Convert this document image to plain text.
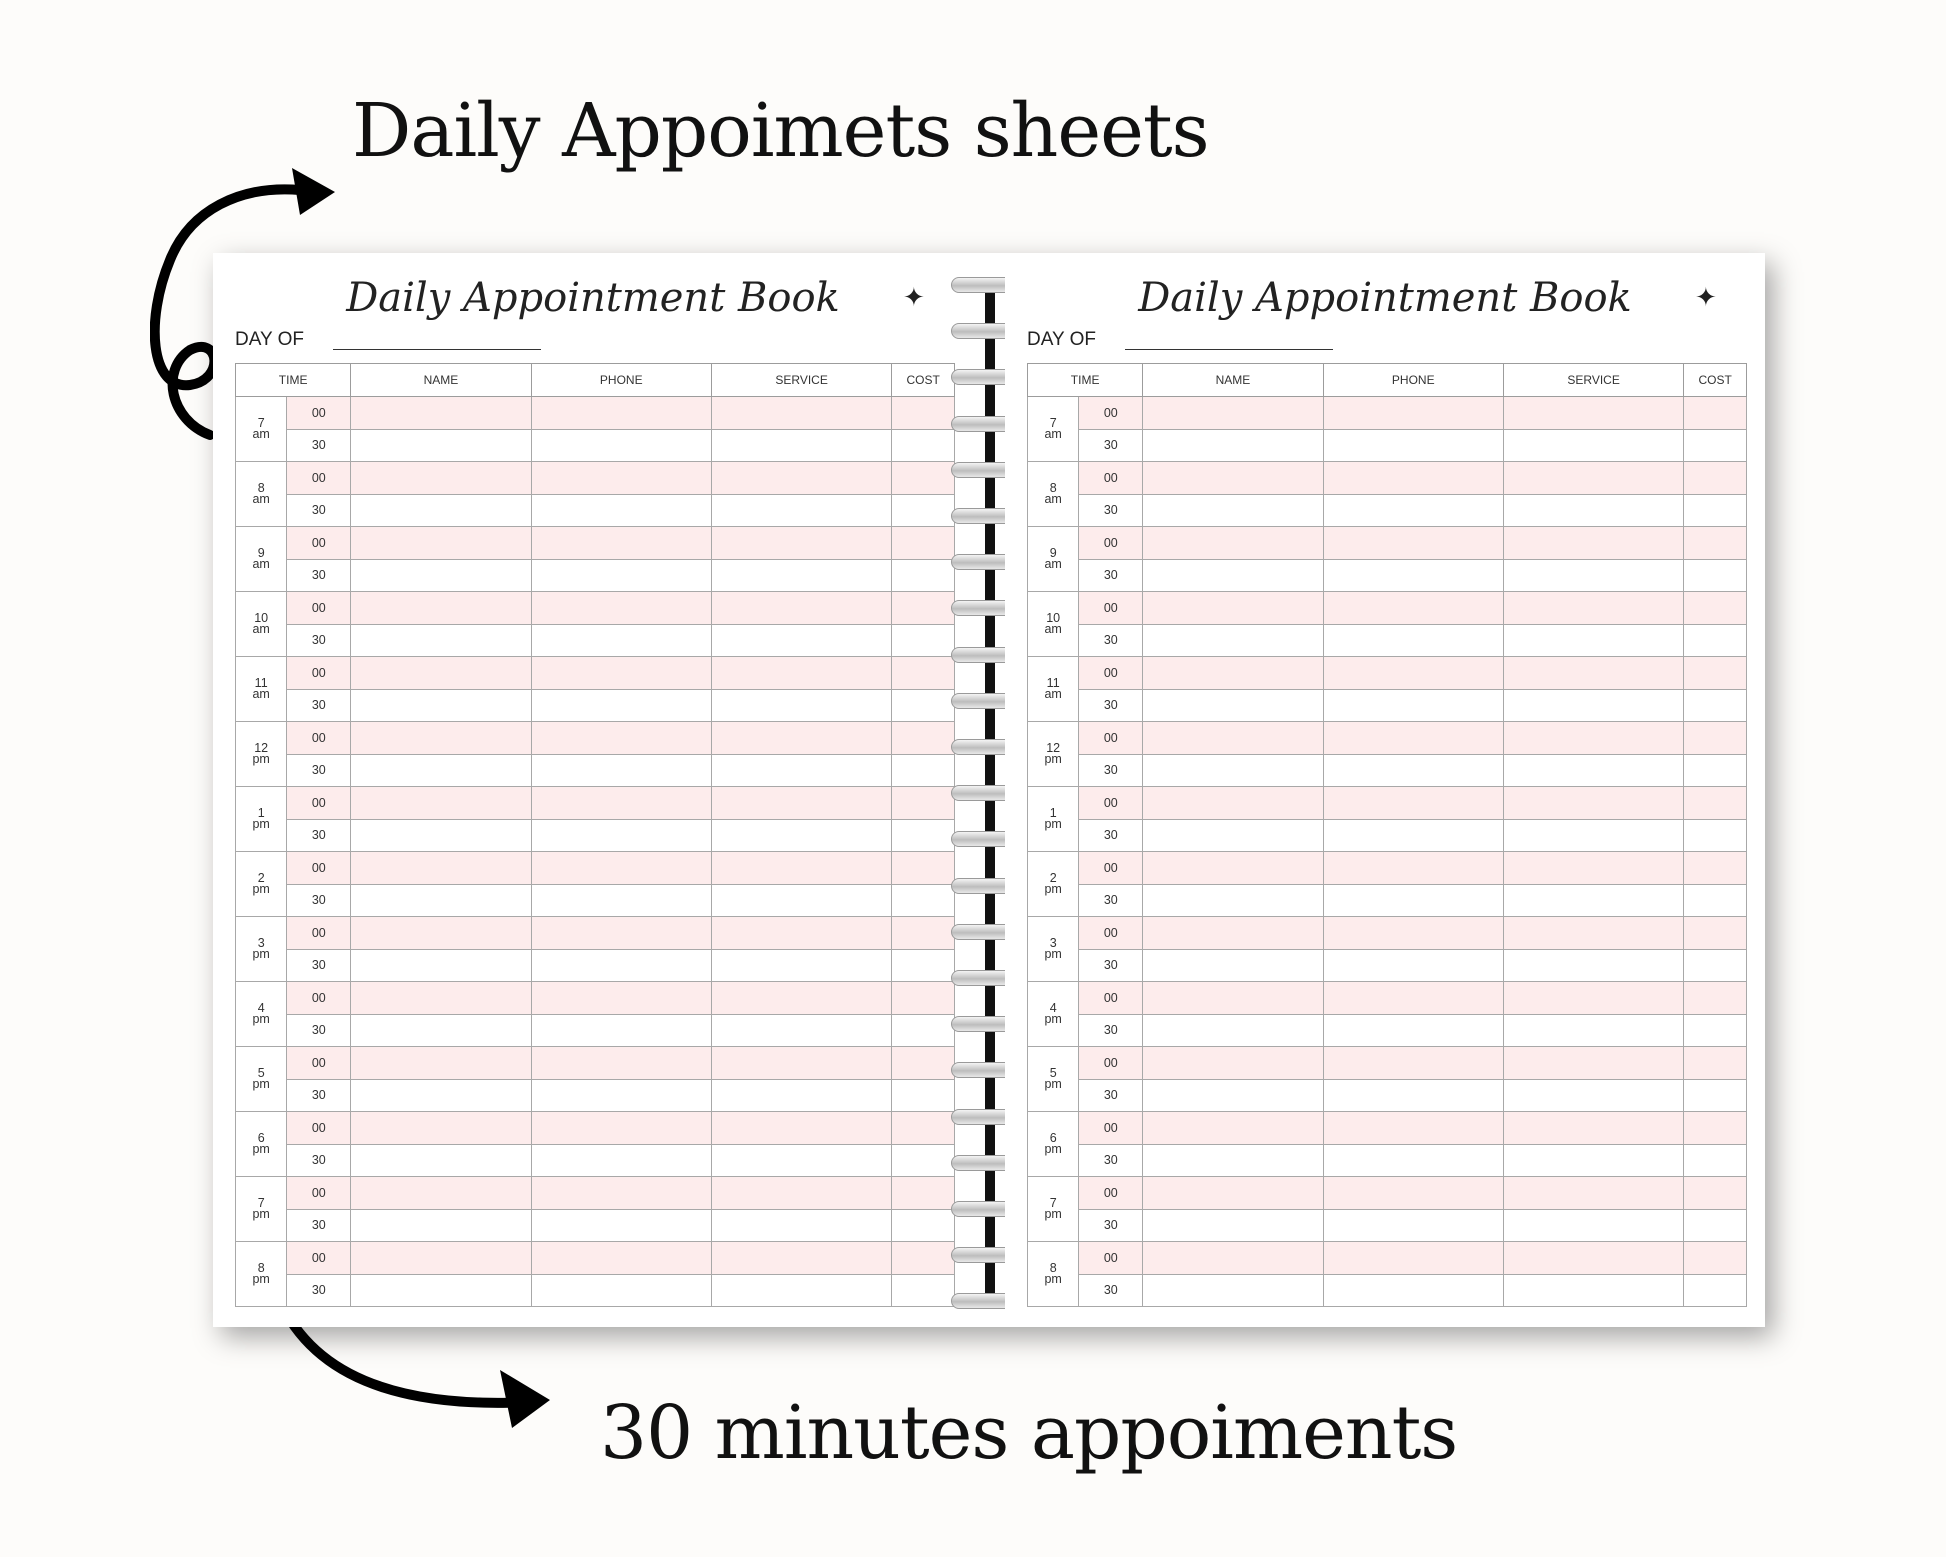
Daily Appoimets sheets
30 minutes appoiments
Daily Appointment Book	✦
DAY OF
TIME		NAME	PHONE	SERVICE	COST
7
am	00				
	30				
8
am	00				
	30				
9
am	00				
	30				
10
am	00				
	30				
11
am	00				
	30				
12
pm	00				
	30				
1
pm	00				
	30				
2
pm	00				
	30				
3
pm	00				
	30				
4
pm	00				
	30				
5
pm	00				
	30				
6
pm	00				
	30				
7
pm	00				
	30				
8
pm	00				
	30				
Daily Appointment Book	✦
DAY OF
TIME		NAME	PHONE	SERVICE	COST
7
am	00				
	30				
8
am	00				
	30				
9
am	00				
	30				
10
am	00				
	30				
11
am	00				
	30				
12
pm	00				
	30				
1
pm	00				
	30				
2
pm	00				
	30				
3
pm	00				
	30				
4
pm	00				
	30				
5
pm	00				
	30				
6
pm	00				
	30				
7
pm	00				
	30				
8
pm	00				
	30				
